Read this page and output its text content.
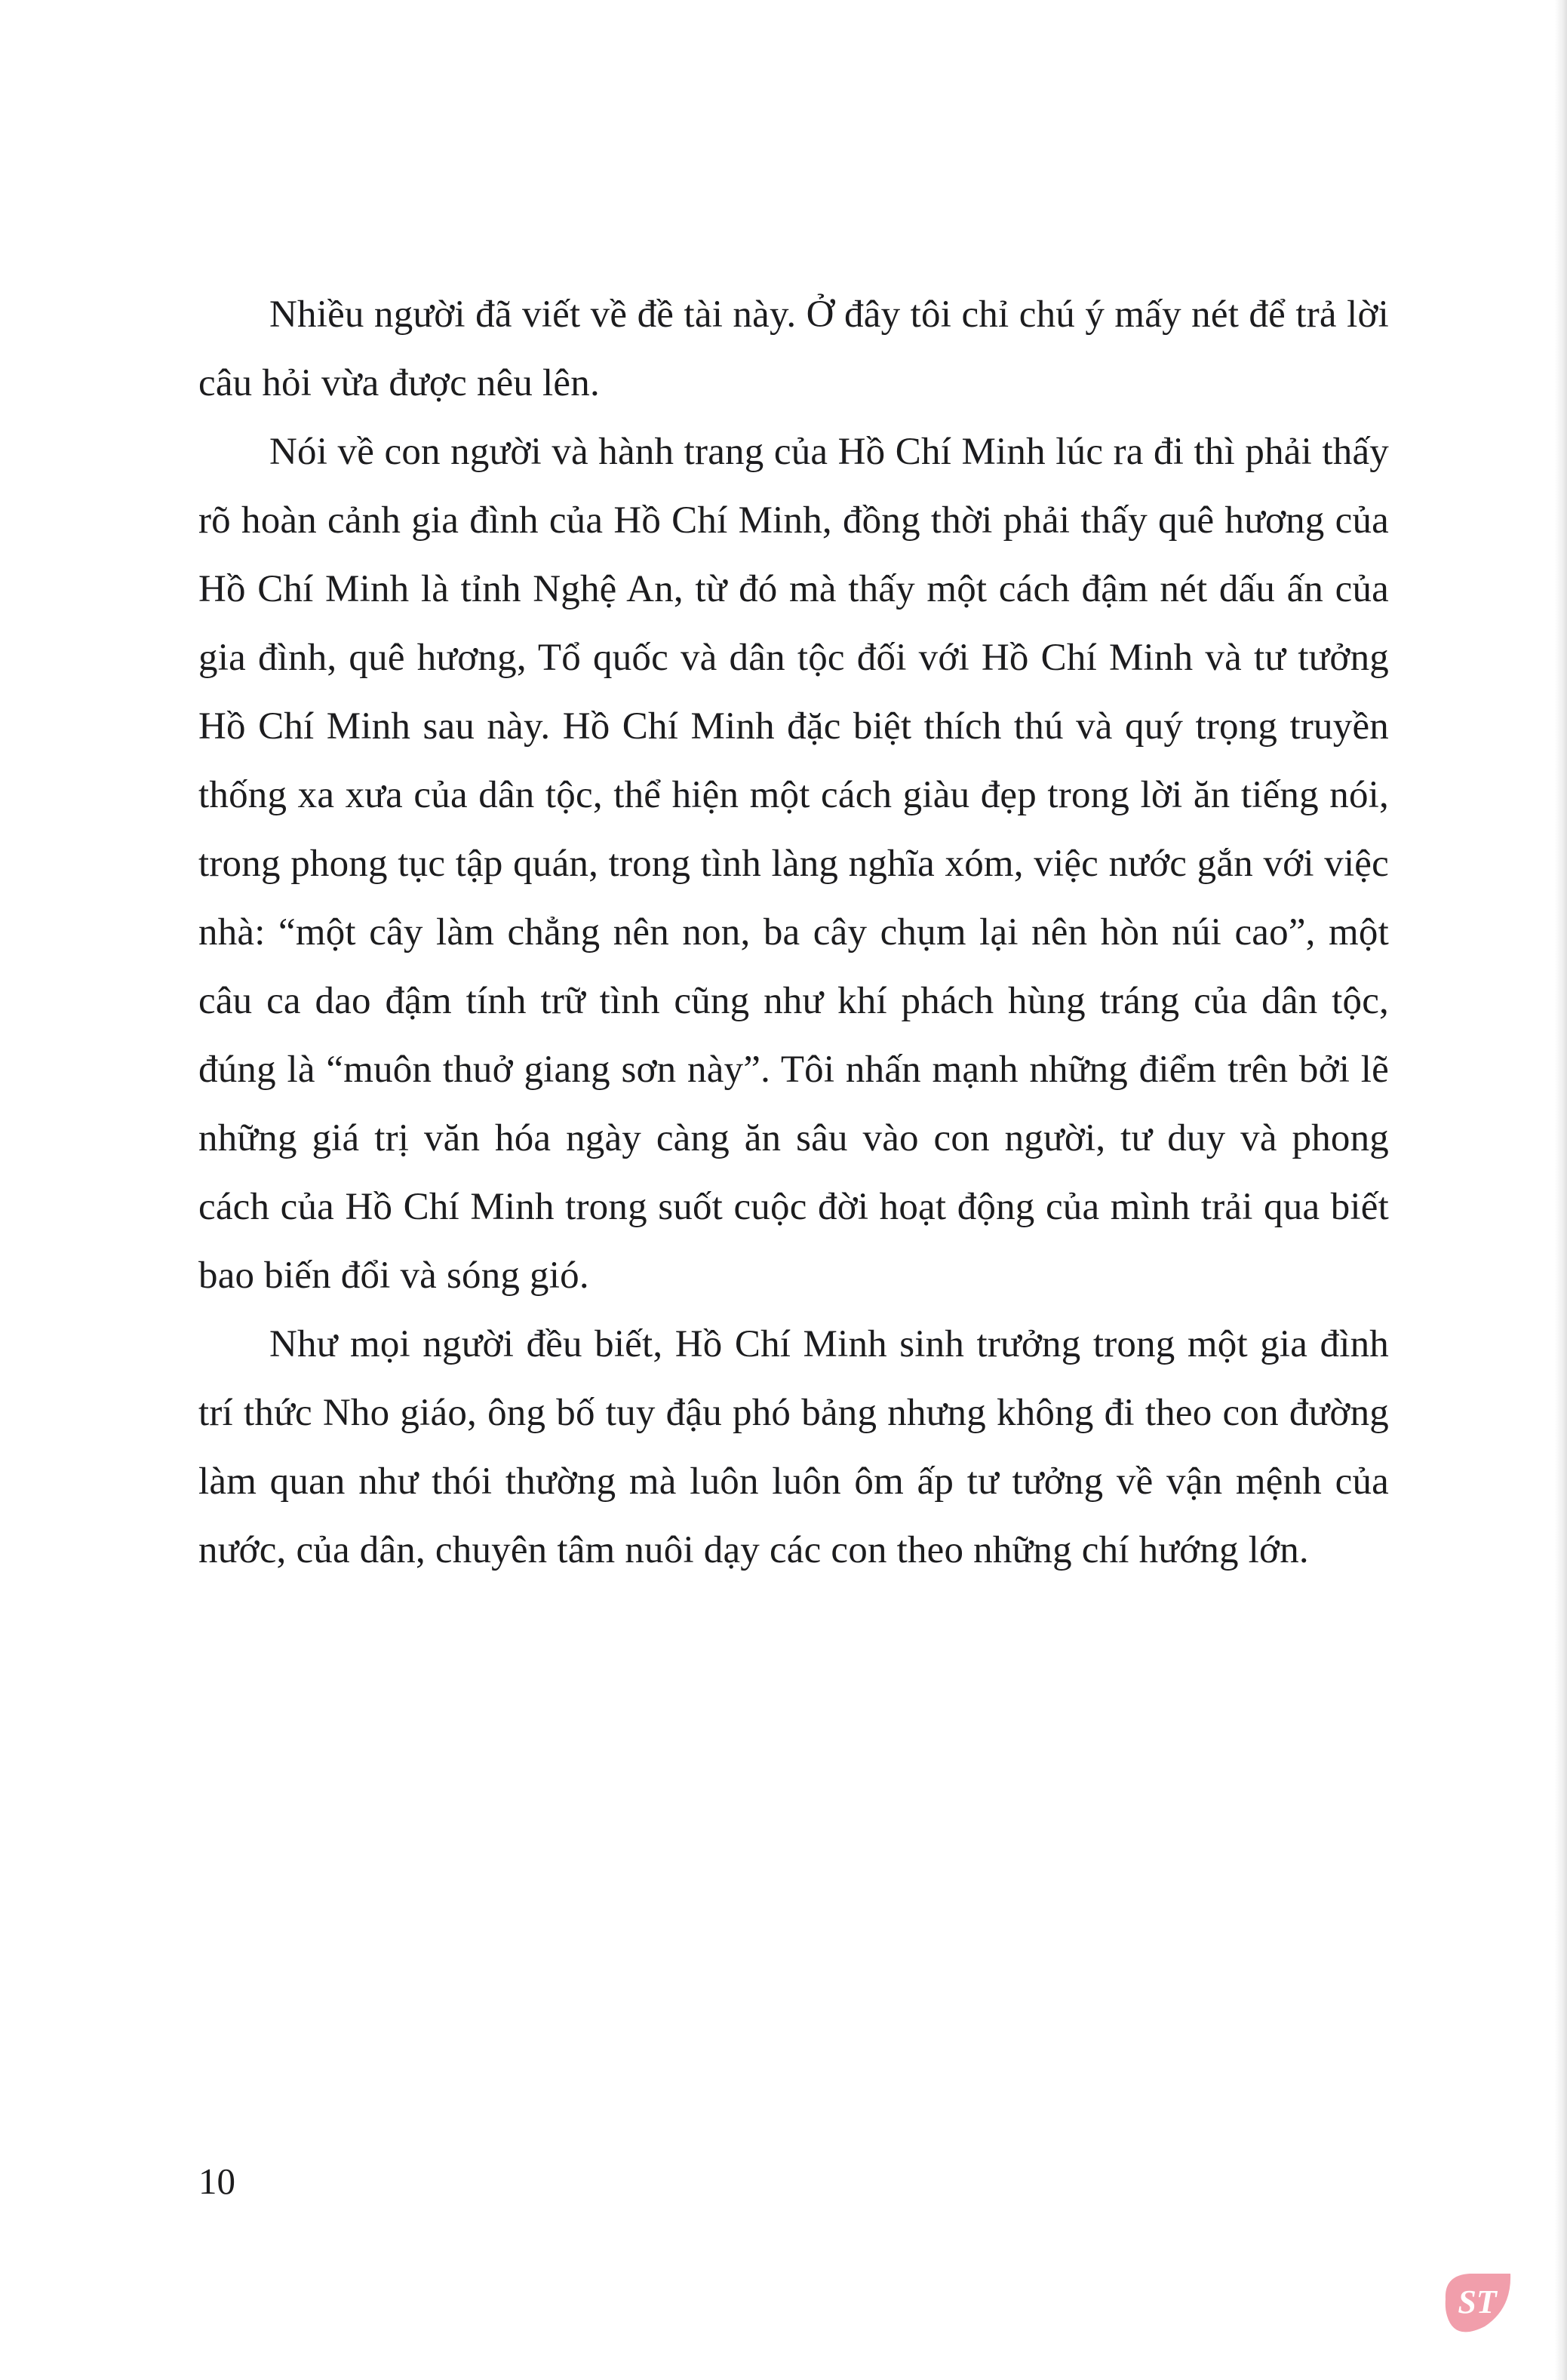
Nhiều người đã viết về đề tài này. Ở đây tôi chỉ chú ý mấy nét để trả lời câu hỏi vừa được nêu lên.

Nói về con người và hành trang của Hồ Chí Minh lúc ra đi thì phải thấy rõ hoàn cảnh gia đình của Hồ Chí Minh, đồng thời phải thấy quê hương của Hồ Chí Minh là tỉnh Nghệ An, từ đó mà thấy một cách đậm nét dấu ấn của gia đình, quê hương, Tổ quốc và dân tộc đối với Hồ Chí Minh và tư tưởng Hồ Chí Minh sau này. Hồ Chí Minh đặc biệt thích thú và quý trọng truyền thống xa xưa của dân tộc, thể hiện một cách giàu đẹp trong lời ăn tiếng nói, trong phong tục tập quán, trong tình làng nghĩa xóm, việc nước gắn với việc nhà: “một cây làm chẳng nên non, ba cây chụm lại nên hòn núi cao”, một câu ca dao đậm tính trữ tình cũng như khí phách hùng tráng của dân tộc, đúng là “muôn thuở giang sơn này”. Tôi nhấn mạnh những điểm trên bởi lẽ những giá trị văn hóa ngày càng ăn sâu vào con người, tư duy và phong cách của Hồ Chí Minh trong suốt cuộc đời hoạt động của mình trải qua biết bao biến đổi và sóng gió.

Như mọi người đều biết, Hồ Chí Minh sinh trưởng trong một gia đình trí thức Nho giáo, ông bố tuy đậu phó bảng nhưng không đi theo con đường làm quan như thói thường mà luôn luôn ôm ấp tư tưởng về vận mệnh của nước, của dân, chuyên tâm nuôi dạy các con theo những chí hướng lớn.

10
ST
